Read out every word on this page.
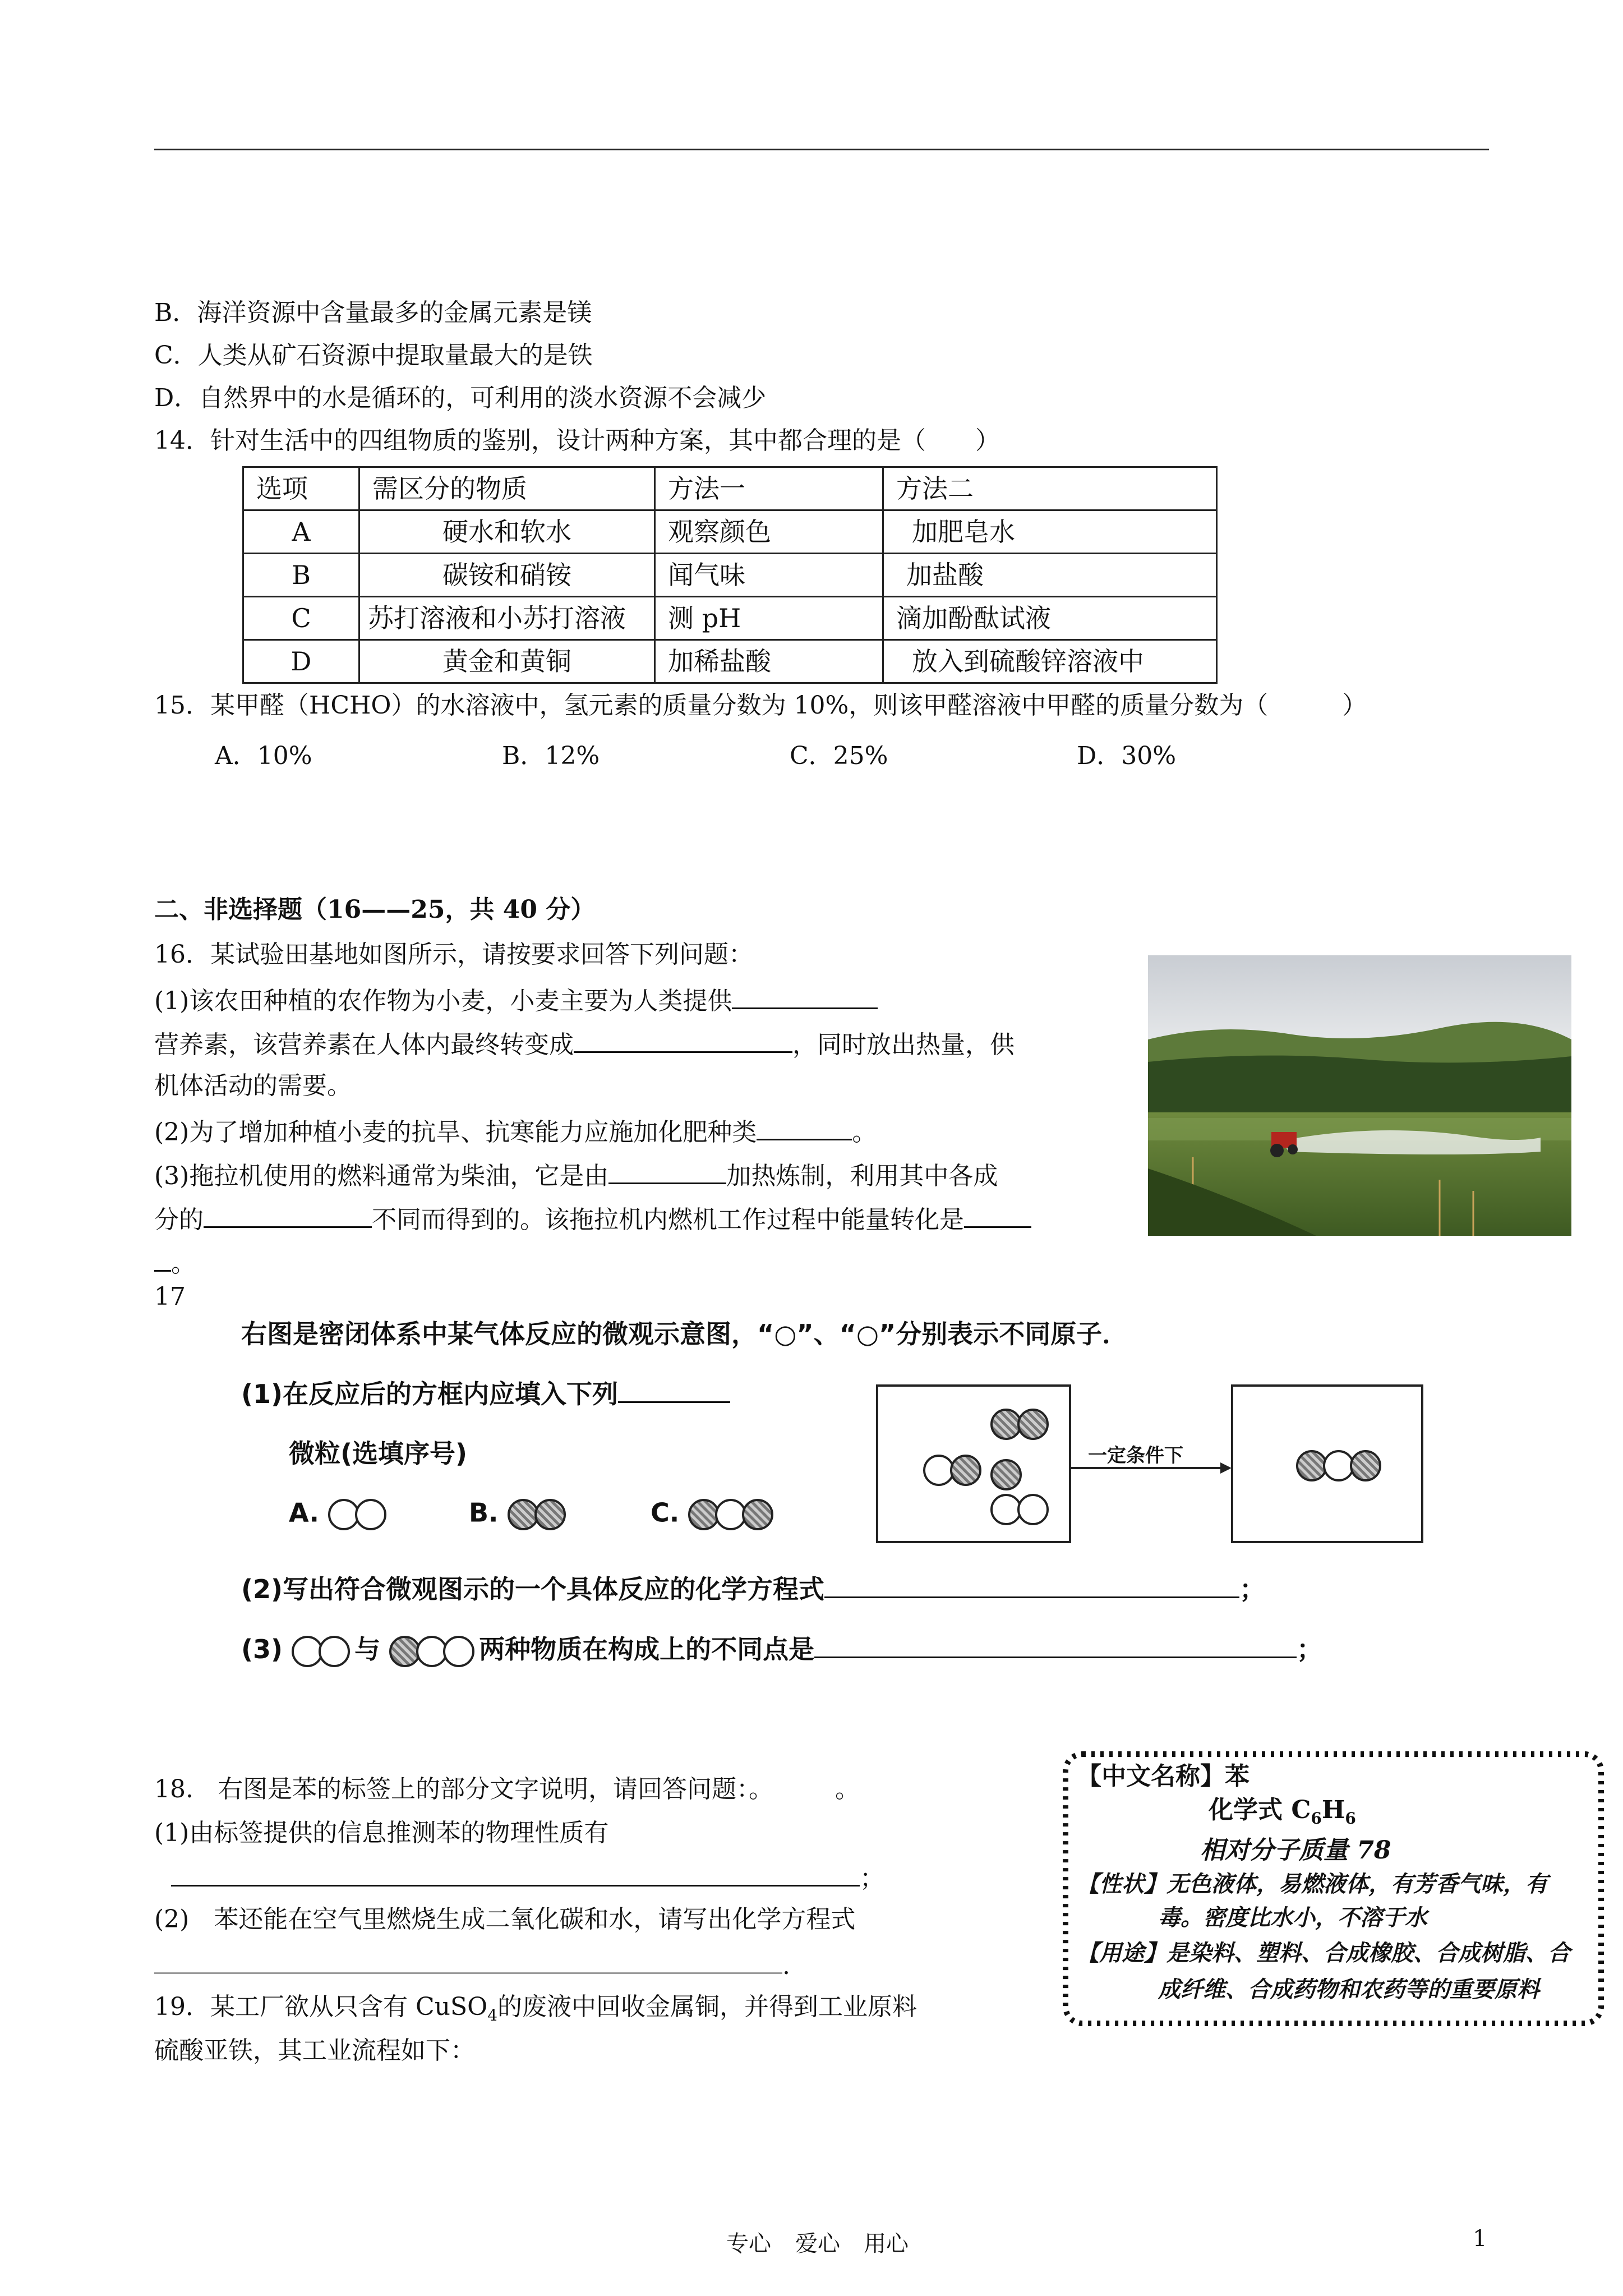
B．海洋资源中含量最多的金属元素是镁
C．人类从矿石资源中提取量最大的是铁
D．自然界中的水是循环的，可利用的淡水资源不会减少
14．针对生活中的四组物质的鉴别，设计两种方案，其中都合理的是（　　）
选项	需区分的物质	方法一	方法二
A	硬水和软水	观察颜色	加肥皂水
B	碳铵和硝铵	闻气味	加盐酸
C	苏打溶液和小苏打溶液	测 pH	滴加酚酞试液
D	黄金和黄铜	加稀盐酸	放入到硫酸锌溶液中
15．某甲醛（HCHO）的水溶液中，氢元素的质量分数为 10%，则该甲醛溶液中甲醛的质量分数为（　　　）
A．10%	B．12%	C．25%	D．30%
二、非选择题（16——25，共 40 分）
16．某试验田基地如图所示，请按要求回答下列问题：
(1)该农田种植的农作物为小麦，小麦主要为人类提供
营养素，该营养素在人体内最终转变成	，同时放出热量，供
机体活动的需要。
(2)为了增加种植小麦的抗旱、抗寒能力应施加化肥种类	。
(3)拖拉机使用的燃料通常为柴油，它是由	加热炼制，利用其中各成
分的	不同而得到的。该拖拉机内燃机工作过程中能量转化是
。
17
右图是密闭体系中某气体反应的微观示意图，“○”、“○”分别表示不同原子．
(1)在反应后的方框内应填入下列
微粒(选填序号)
A.	B.	C.
一定条件下
(2)写出符合微观图示的一个具体反应的化学方程式	；
(3)	与	两种物质在构成上的不同点是	；
18.　右图是苯的标签上的部分文字说明，请回答问题：。　　　。
(1)由标签提供的信息推测苯的物理性质有
；
(2)　苯还能在空气里燃烧生成二氧化碳和水，请写出化学方程式
.
【中文名称】苯
化学式 $C_6H_6$
相对分子质量 78
【性状】无色液体，易燃液体，有芳香气味，有
毒。密度比水小，不溶于水
【用途】是染料、塑料、合成橡胶、合成树脂、合
成纤维、合成药物和农药等的重要原料
19．某工厂欲从只含有 CuSO$_4$的废液中回收金属铜，并得到工业原料
硫酸亚铁，其工业流程如下：
专心 爱心 用心	1
